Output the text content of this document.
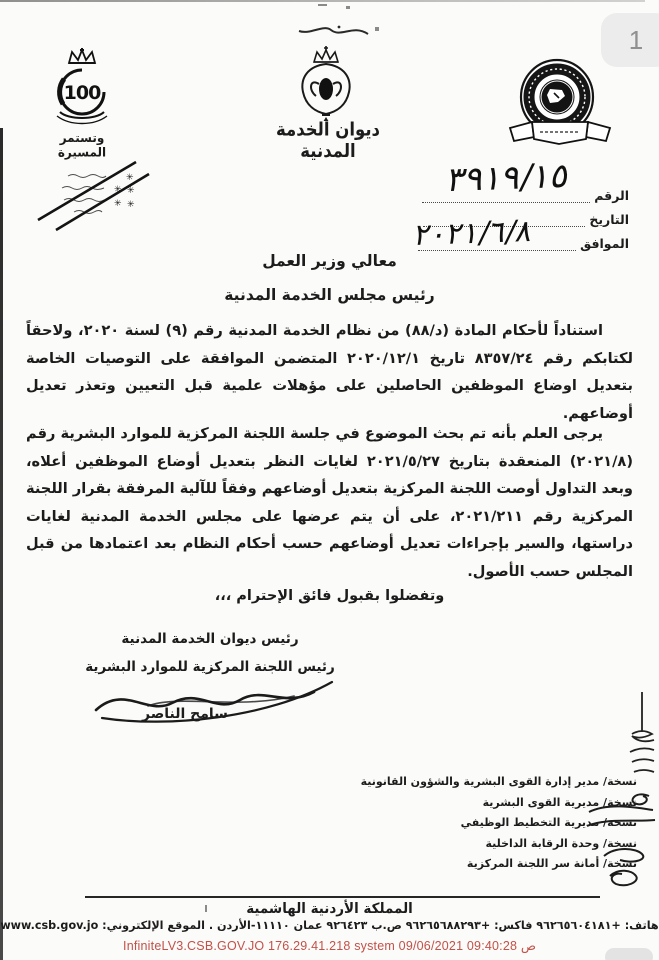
1
100
وتستمر المسيرة
✳
✳ ✳
✳ ✳
ديوان الخدمة المدنية
الرقم
التاريخ
الموافق
٣٩١٩/١٥
٢٠٢١/٦/٨
معالي وزير العمل
رئيس مجلس الخدمة المدنية
استناداً لأحكام المادة (د/٨٨) من نظام الخدمة المدنية رقم (٩) لسنة ٢٠٢٠، ولاحقاً لكتابكم رقم ٨٣٥٧/٢٤ تاريخ ٢٠٢٠/١٢/١ المتضمن الموافقة على التوصيات الخاصة بتعديل اوضاع الموظفين الحاصلين على مؤهلات علمية قبل التعيين وتعذر تعديل أوضاعهم.
يرجى العلم بأنه تم بحث الموضوع في جلسة اللجنة المركزية للموارد البشرية رقم (٢٠٢١/٨) المنعقدة بتاريخ ٢٠٢١/٥/٢٧ لغايات النظر بتعديل أوضاع الموظفين أعلاه، وبعد التداول أوصت اللجنة المركزية بتعديل أوضاعهم وفقاً للآلية المرفقة بقرار اللجنة المركزية رقم ٢٠٢١/٢١١، على أن يتم عرضها على مجلس الخدمة المدنية لغايات دراستها، والسير بإجراءات تعديل أوضاعهم حسب أحكام النظام بعد اعتمادها من قبل المجلس حسب الأصول.
وتفضلوا بقبول فائق الإحترام ،،،
رئيس ديوان الخدمة المدنية
رئيس اللجنة المركزية للموارد البشرية
سامح الناصر
نسخة/ مدير إدارة القوى البشرية والشؤون القانونية
نسخة/ مديرية القوى البشرية
نسخة/ مديرية التخطيط الوظيفي
نسخة/ وحدة الرقابة الداخلية
نسخة/ أمانة سر اللجنة المركزية
المملكة الأردنية الهاشمية
هاتف: +٩٦٢٦٥٦٠٤١٨١ فاكس: +٩٦٢٦٥٦٨٨٢٩٣ ص.ب ٩٢٦٤٢٣ عمان ١١١١٠-الأردن . الموقع الإلكتروني: www.csb.gov.jo
InfiniteLV3.CSB.GOV.JO 176.29.41.218 system 09/06/2021 09:40:28 ص
